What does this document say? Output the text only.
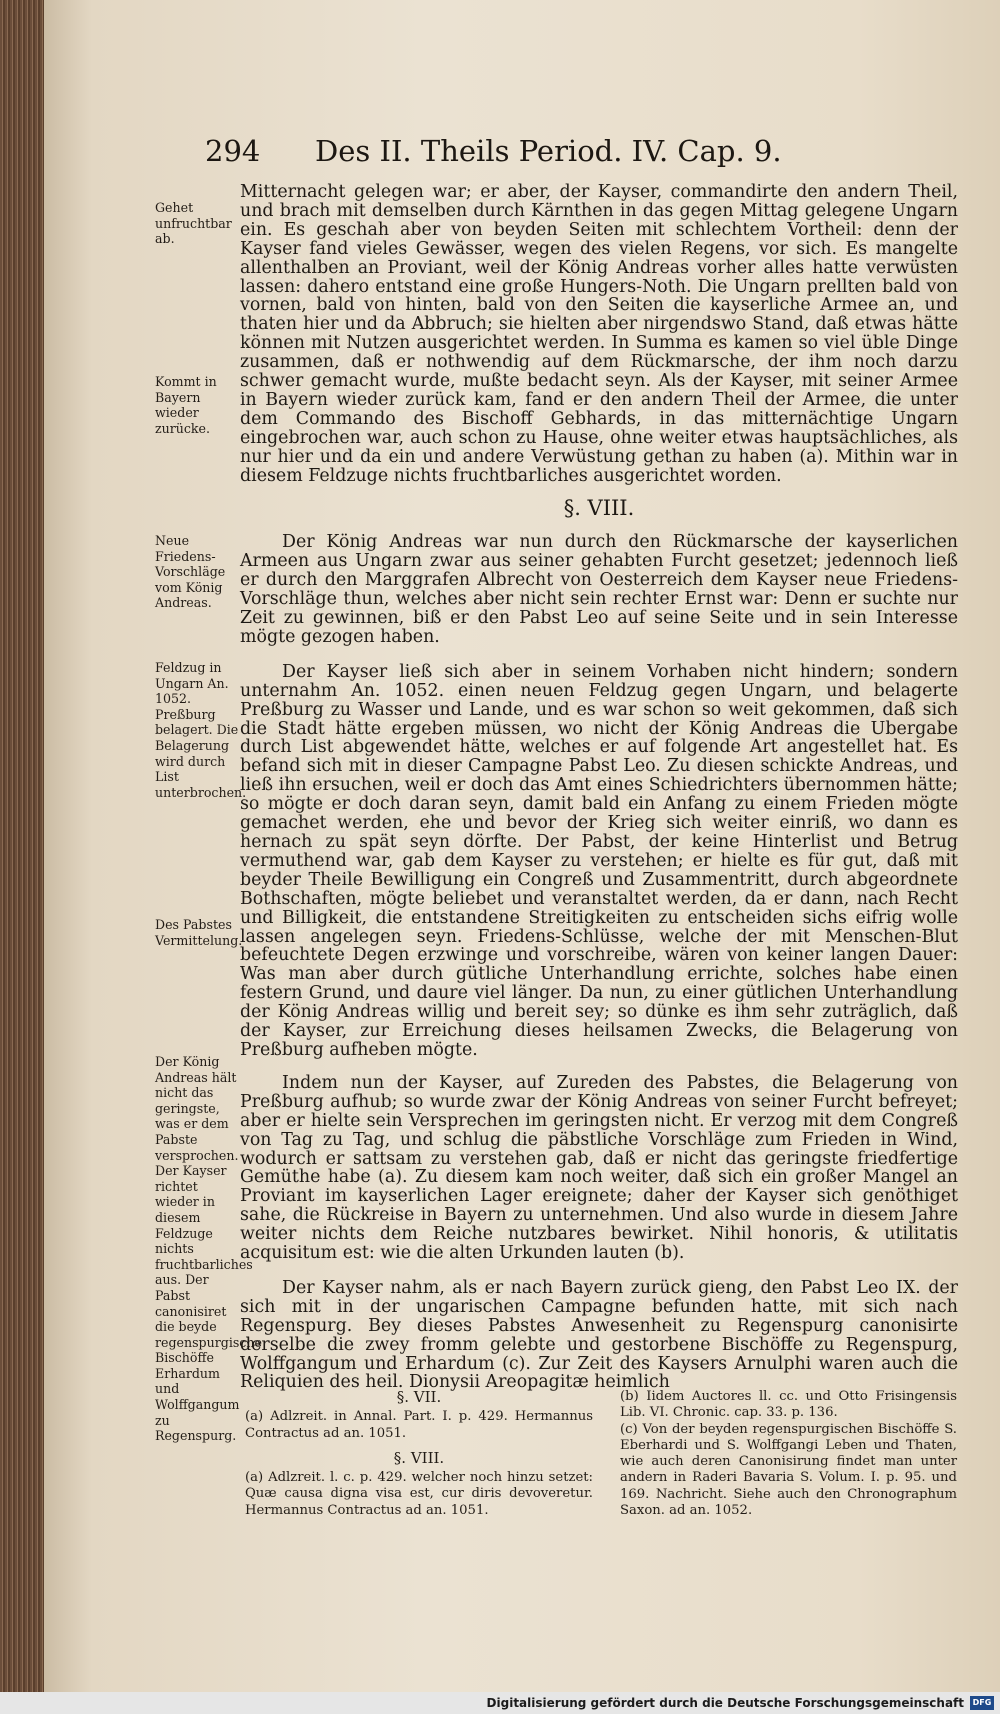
294 Des II. Theils Period. IV. Cap. 9.

Mitternacht gelegen war; er aber, der Kayser, commandirte den andern Theil, und brach mit demselben durch Kärnthen in das gegen Mittag gelegene Ungarn ein. Es geschah aber von beyden Seiten mit schlechtem Vortheil: denn der Kayser fand vieles Gewässer, wegen des vielen Regens, vor sich. Es mangelte allenthalben an Proviant, weil der König Andreas vorher alles hatte verwüsten lassen: dahero entstand eine große Hungers-Noth. Die Ungarn prellten bald von vornen, bald von hinten, bald von den Seiten die kayserliche Armee an, und thaten hier und da Abbruch; sie hielten aber nirgendswo Stand, daß etwas hätte können mit Nutzen ausgerichtet werden. In Summa es kamen so viel üble Dinge zusammen, daß er nothwendig auf dem Rückmarsche, der ihm noch darzu schwer gemacht wurde, mußte bedacht seyn. Als der Kayser, mit seiner Armee in Bayern wieder zurück kam, fand er den andern Theil der Armee, die unter dem Commando des Bischoff Gebhards, in das mitternächtige Ungarn eingebrochen war, auch schon zu Hause, ohne weiter etwas hauptsächliches, als nur hier und da ein und andere Verwüstung gethan zu haben (a). Mithin war in diesem Feldzuge nichts fruchtbarliches ausgerichtet worden.

§. VIII.

Der König Andreas war nun durch den Rückmarsche der kayserlichen Armeen aus Ungarn zwar aus seiner gehabten Furcht gesetzet; jedennoch ließ er durch den Marggrafen Albrecht von Oesterreich dem Kayser neue Friedens-Vorschläge thun, welches aber nicht sein rechter Ernst war: Denn er suchte nur Zeit zu gewinnen, biß er den Pabst Leo auf seine Seite und in sein Interesse mögte gezogen haben.

Der Kayser ließ sich aber in seinem Vorhaben nicht hindern; sondern unternahm An. 1052. einen neuen Feldzug gegen Ungarn, und belagerte Preßburg zu Wasser und Lande, und es war schon so weit gekommen, daß sich die Stadt hätte ergeben müssen, wo nicht der König Andreas die Ubergabe durch List abgewendet hätte, welches er auf folgende Art angestellet hat. Es befand sich mit in dieser Campagne Pabst Leo. Zu diesen schickte Andreas, und ließ ihn ersuchen, weil er doch das Amt eines Schiedrichters übernommen hätte; so mögte er doch daran seyn, damit bald ein Anfang zu einem Frieden mögte gemachet werden, ehe und bevor der Krieg sich weiter einriß, wo dann es hernach zu spät seyn dörfte. Der Pabst, der keine Hinterlist und Betrug vermuthend war, gab dem Kayser zu verstehen; er hielte es für gut, daß mit beyder Theile Bewilligung ein Congreß und Zusammentritt, durch abgeordnete Bothschaften, mögte beliebet und veranstaltet werden, da er dann, nach Recht und Billigkeit, die entstandene Streitigkeiten zu entscheiden sichs eifrig wolle lassen angelegen seyn. Friedens-Schlüsse, welche der mit Menschen-Blut befeuchtete Degen erzwinge und vorschreibe, wären von keiner langen Dauer: Was man aber durch gütliche Unterhandlung errichte, solches habe einen festern Grund, und daure viel länger. Da nun, zu einer gütlichen Unterhandlung der König Andreas willig und bereit sey; so dünke es ihm sehr zuträglich, daß der Kayser, zur Erreichung dieses heilsamen Zwecks, die Belagerung von Preßburg aufheben mögte.

Indem nun der Kayser, auf Zureden des Pabstes, die Belagerung von Preßburg aufhub; so wurde zwar der König Andreas von seiner Furcht befreyet; aber er hielte sein Versprechen im geringsten nicht. Er verzog mit dem Congreß von Tag zu Tag, und schlug die päbstliche Vorschläge zum Frieden in Wind, wodurch er sattsam zu verstehen gab, daß er nicht das geringste friedfertige Gemüthe habe (a). Zu diesem kam noch weiter, daß sich ein großer Mangel an Proviant im kayserlichen Lager ereignete; daher der Kayser sich genöthiget sahe, die Rückreise in Bayern zu unternehmen. Und also wurde in diesem Jahre weiter nichts dem Reiche nutzbares bewirket. Nihil honoris, & utilitatis acquisitum est: wie die alten Urkunden lauten (b).

Der Kayser nahm, als er nach Bayern zurück gieng, den Pabst Leo IX. der sich mit in der ungarischen Campagne befunden hatte, mit sich nach Regenspurg. Bey dieses Pabstes Anwesenheit zu Regenspurg canonisirte derselbe die zwey fromm gelebte und gestorbene Bischöffe zu Regenspurg, Wolffgangum und Erhardum (c). Zur Zeit des Kaysers Arnulphi waren auch die Reliquien des heil. Dionysii Areopagitæ heimlich

Gehet unfruchtbar ab.
Kommt in Bayern wieder zurücke.
Neue Friedens-Vorschläge vom König Andreas.
Feldzug in Ungarn An. 1052. Preßburg belagert. Die Belagerung wird durch List unterbrochen.
Des Pabstes Vermittelung.
Der König Andreas hält nicht das geringste, was er dem Pabste versprochen. Der Kayser richtet wieder in diesem Feldzuge nichts fruchtbarliches aus. Der Pabst canonisiret die beyde regenspurgische Bischöffe Erhardum und Wolffgangum zu Regenspurg.
§. VII.
(a) Adlzreit. in Annal. Part. I. p. 429. Hermannus Contractus ad an. 1051.
§. VIII.
(a) Adlzreit. l. c. p. 429. welcher noch hinzu setzet: Quæ causa digna visa est, cur diris devoveretur. Hermannus Contractus ad an. 1051.
(b) Iidem Auctores ll. cc. und Otto Frisingensis Lib. VI. Chronic. cap. 33. p. 136.
(c) Von der beyden regenspurgischen Bischöffe S. Eberhardi und S. Wolffgangi Leben und Thaten, wie auch deren Canonisirung findet man unter andern in Raderi Bavaria S. Volum. I. p. 95. und 169. Nachricht. Siehe auch den Chronographum Saxon. ad an. 1052.
Digitalisierung gefördert durch die Deutsche Forschungsgemeinschaft	DFG
